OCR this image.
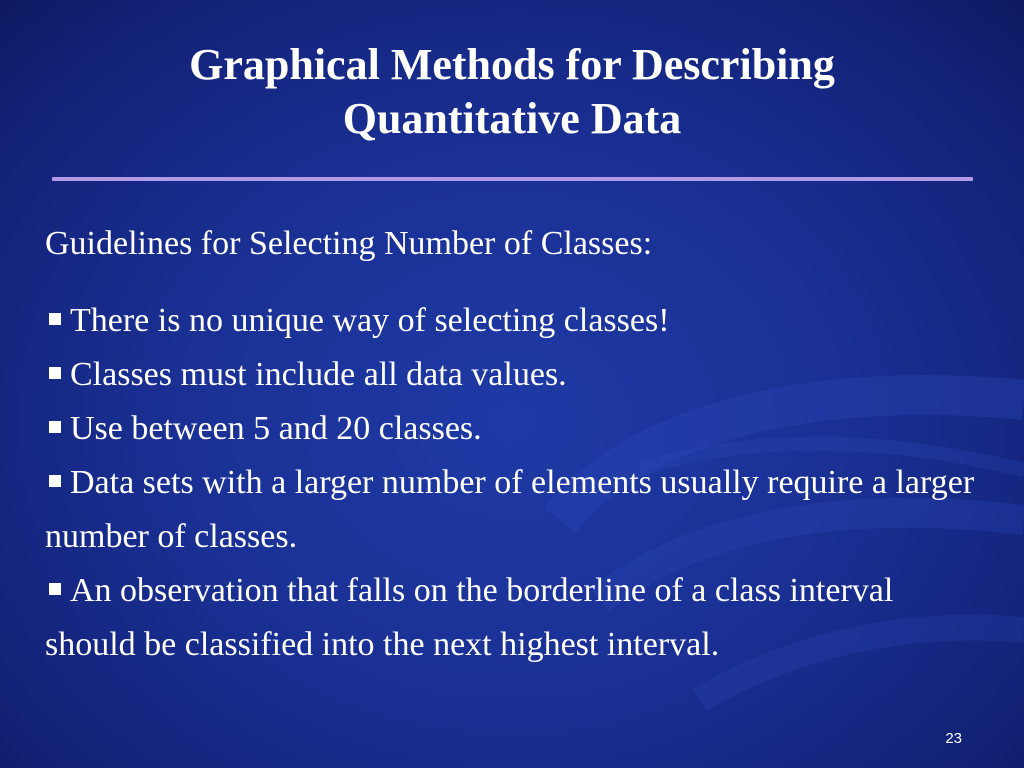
Graphical Methods for Describing
Quantitative Data

Guidelines for Selecting Number of Classes:

There is no unique way of selecting classes!
Classes must include all data values.
Use between 5 and 20 classes.
Data sets with a larger number of elements usually require a larger number of classes.
An observation that falls on the borderline of a class interval should be classified into the next highest interval.
23
